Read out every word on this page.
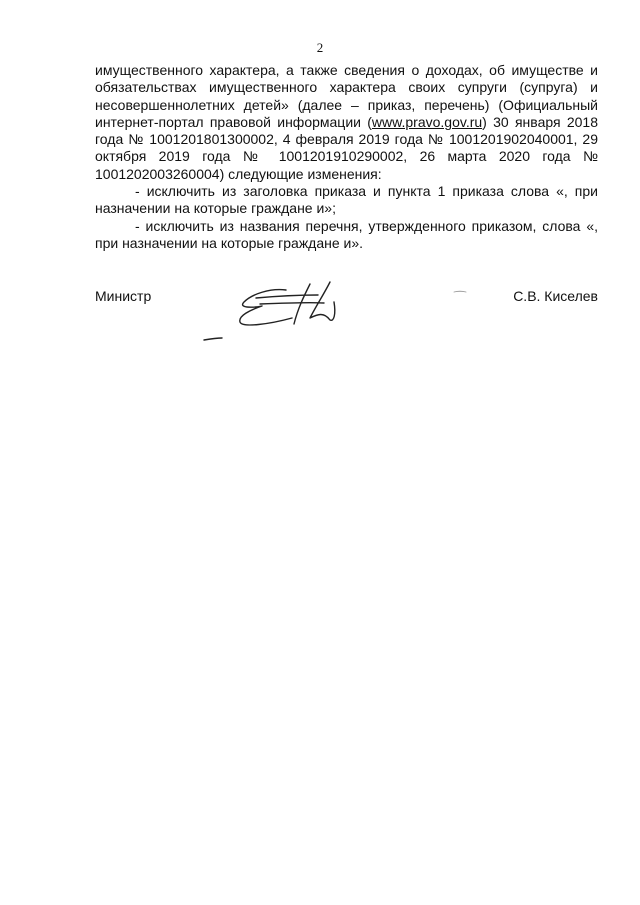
2

имущественного характера, а также сведения о доходах, об имуществе и обязательствах имущественного характера своих супруги (супруга) и несовершеннолетних детей» (далее – приказ, перечень) (Официальный интернет-портал правовой информации (www.pravo.gov.ru) 30 января 2018 года № 1001201801300002, 4 февраля 2019 года № 1001201902040001, 29 октября 2019 года № 1001201910290002, 26 марта 2020 года № 1001202003260004) следующие изменения:

- исключить из заголовка приказа и пункта 1 приказа слова «, при назначении на которые граждане и»;

- исключить из названия перечня, утвержденного приказом, слова «, при назначении на которые граждане и».

Министр	С.В. Киселев
